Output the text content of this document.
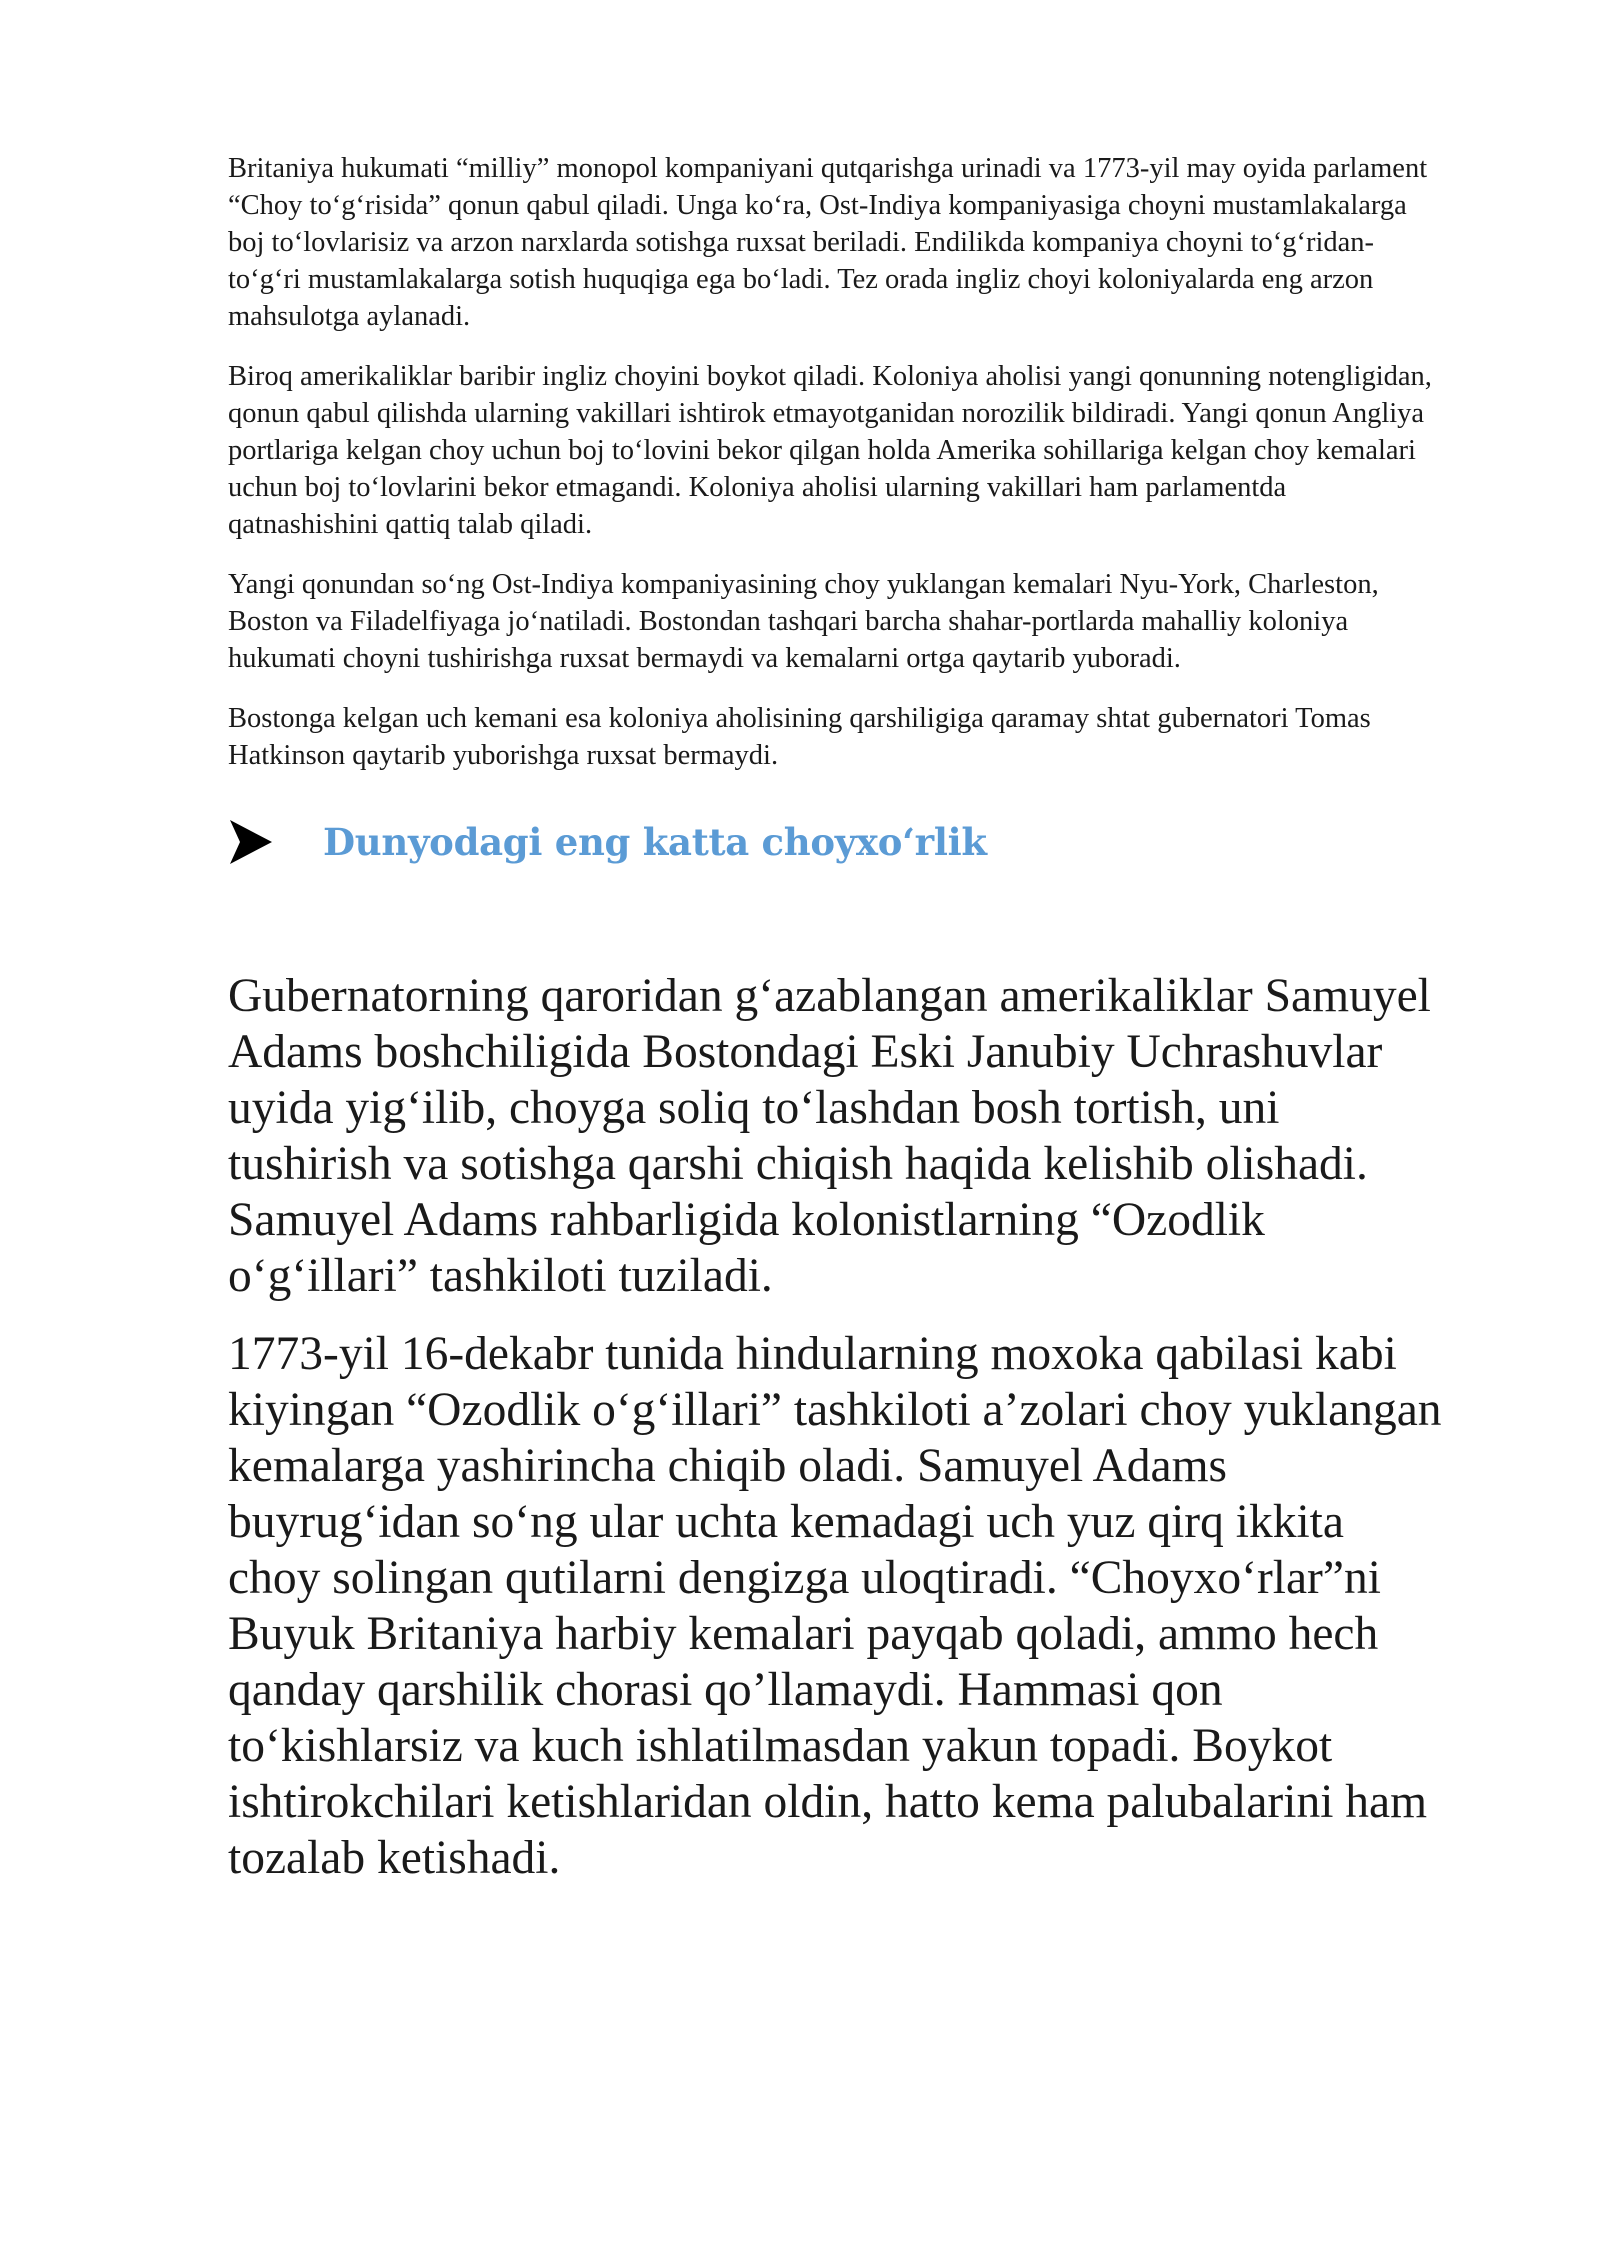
Britaniya hukumati “milliy” monopol kompaniyani qutqarishga urinadi va 1773-yil may oyida parlament “Choy to‘g‘risida” qonun qabul qiladi. Unga ko‘ra, Ost-Indiya kompaniyasiga choyni mustamlakalarga boj to‘lovlarisiz va arzon narxlarda sotishga ruxsat beriladi. Endilikda kompaniya choyni to‘g‘ridan-to‘g‘ri mustamlakalarga sotish huquqiga ega bo‘ladi. Tez orada ingliz choyi koloniyalarda eng arzon mahsulotga aylanadi.

Biroq amerikaliklar baribir ingliz choyini boykot qiladi. Koloniya aholisi yangi qonunning notengligidan, qonun qabul qilishda ularning vakillari ishtirok etmayotganidan norozilik bildiradi. Yangi qonun Angliya portlariga kelgan choy uchun boj to‘lovini bekor qilgan holda Amerika sohillariga kelgan choy kemalari uchun boj to‘lovlarini bekor etmagandi. Koloniya aholisi ularning vakillari ham parlamentda qatnashishini qattiq talab qiladi.

Yangi qonundan so‘ng Ost-Indiya kompaniyasining choy yuklangan kemalari Nyu-York, Charleston, Boston va Filadelfiyaga jo‘natiladi. Bostondan tashqari barcha shahar-portlarda mahalliy koloniya hukumati choyni tushirishga ruxsat bermaydi va kemalarni ortga qaytarib yuboradi.

Bostonga kelgan uch kemani esa koloniya aholisining qarshiligiga qaramay shtat gubernatori Tomas Hatkinson qaytarib yuborishga ruxsat bermaydi.

Dunyodagi eng katta choyxo‘rlik

Gubernatorning qaroridan g‘azablangan amerikaliklar Samuyel Adams boshchiligida Bostondagi Eski Janubiy Uchrashuvlar uyida yig‘ilib, choyga soliq to‘lashdan bosh tortish, uni tushirish va sotishga qarshi chiqish haqida kelishib olishadi. Samuyel Adams rahbarligida kolonistlarning “Ozodlik o‘g‘illari” tashkiloti tuziladi.

1773-yil 16-dekabr tunida hindularning moxoka qabilasi kabi kiyingan “Ozodlik o‘g‘illari” tashkiloti a’zolari choy yuklangan kemalarga yashirincha chiqib oladi. Samuyel Adams buyrug‘idan so‘ng ular uchta kemadagi uch yuz qirq ikkita choy solingan qutilarni dengizga uloqtiradi. “Choyxo‘rlar”ni Buyuk Britaniya harbiy kemalari payqab qoladi, ammo hech qanday qarshilik chorasi qo’llamaydi. Hammasi qon to‘kishlarsiz va kuch ishlatilmasdan yakun topadi. Boykot ishtirokchilari ketishlaridan oldin, hatto kema palubalarini ham tozalab ketishadi.
